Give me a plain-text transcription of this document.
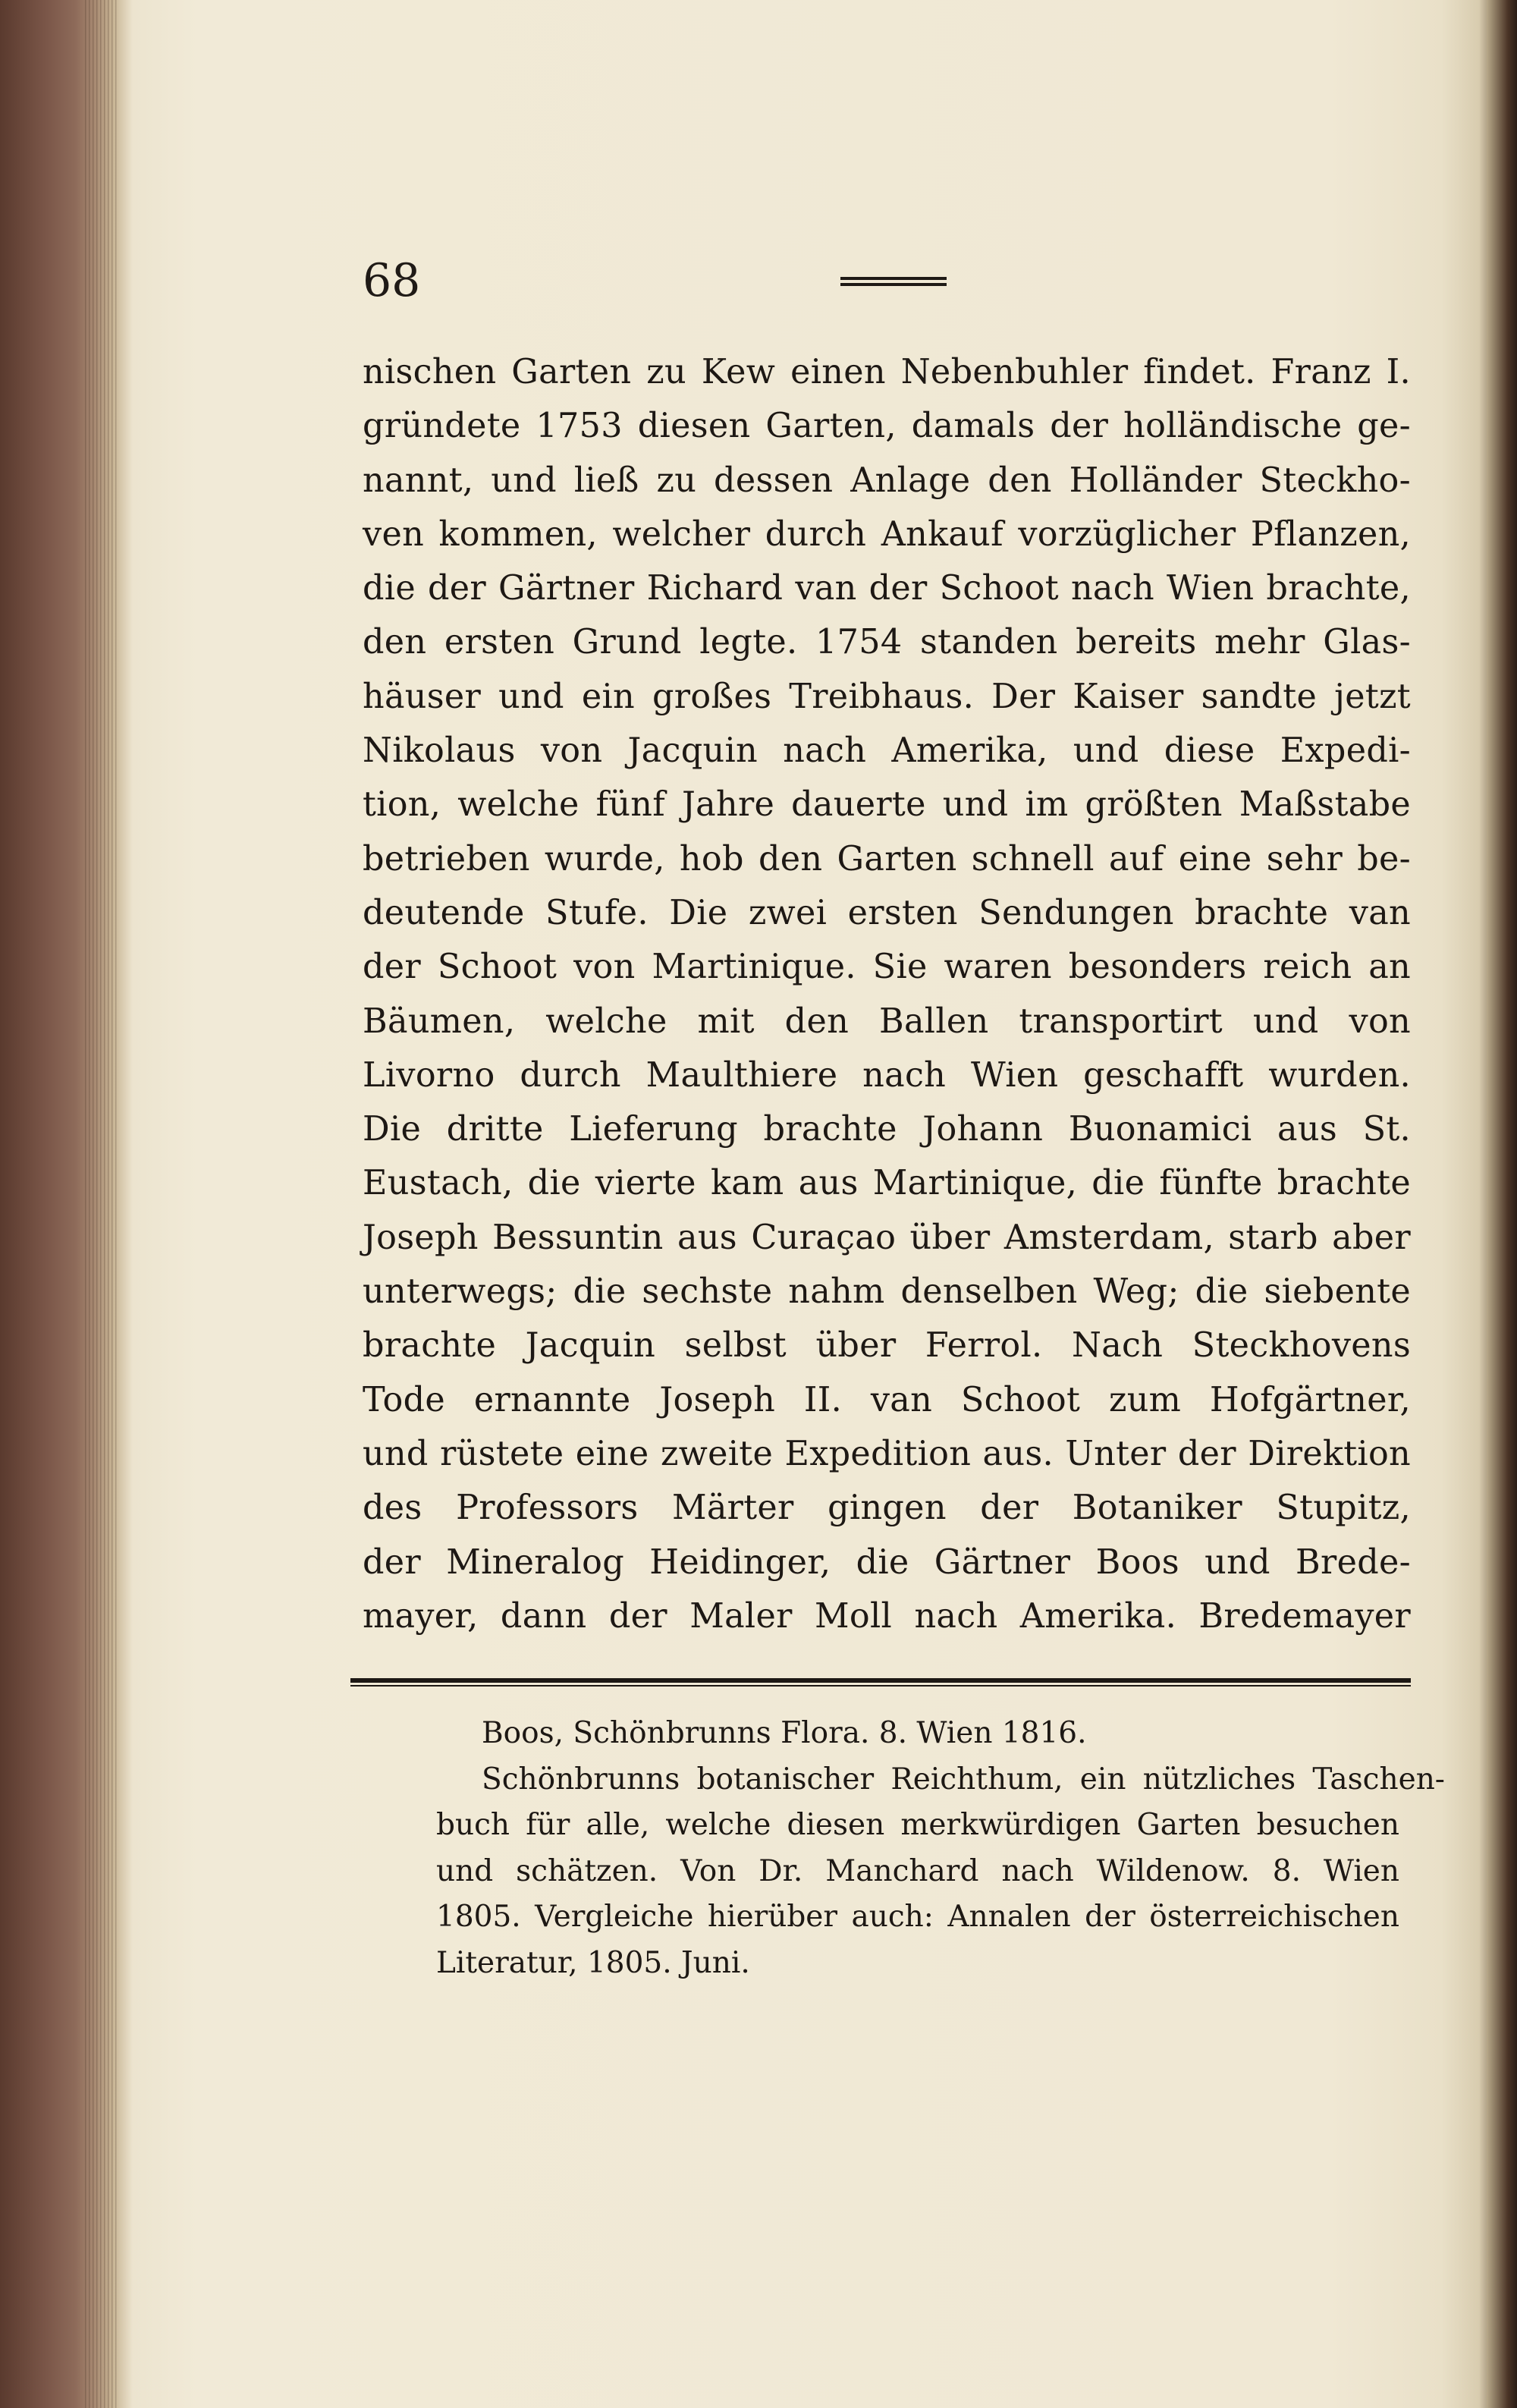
68
nischen Garten zu Kew einen Nebenbuhler findet. Franz I.
gründete 1753 diesen Garten, damals der holländische ge-
nannt, und ließ zu dessen Anlage den Holländer Steckho-
ven kommen, welcher durch Ankauf vorzüglicher Pflanzen,
die der Gärtner Richard van der Schoot nach Wien brachte,
den ersten Grund legte. 1754 standen bereits mehr Glas-
häuser und ein großes Treibhaus. Der Kaiser sandte jetzt
Nikolaus von Jacquin nach Amerika, und diese Expedi-
tion, welche fünf Jahre dauerte und im größten Maßstabe
betrieben wurde, hob den Garten schnell auf eine sehr be-
deutende Stufe. Die zwei ersten Sendungen brachte van
der Schoot von Martinique. Sie waren besonders reich an
Bäumen, welche mit den Ballen transportirt und von
Livorno durch Maulthiere nach Wien geschafft wurden.
Die dritte Lieferung brachte Johann Buonamici aus St.
Eustach, die vierte kam aus Martinique, die fünfte brachte
Joseph Bessuntin aus Curaçao über Amsterdam, starb aber
unterwegs; die sechste nahm denselben Weg; die siebente
brachte Jacquin selbst über Ferrol. Nach Steckhovens
Tode ernannte Joseph II. van Schoot zum Hofgärtner,
und rüstete eine zweite Expedition aus. Unter der Direktion
des Professors Märter gingen der Botaniker Stupitz,
der Mineralog Heidinger, die Gärtner Boos und Brede-
mayer, dann der Maler Moll nach Amerika. Bredemayer
Boos, Schönbrunns Flora. 8. Wien 1816.
Schönbrunns botanischer Reichthum, ein nützliches Taschen-
buch für alle, welche diesen merkwürdigen Garten besuchen
und schätzen. Von Dr. Manchard nach Wildenow. 8. Wien
1805. Vergleiche hierüber auch: Annalen der österreichischen
Literatur, 1805. Juni.
